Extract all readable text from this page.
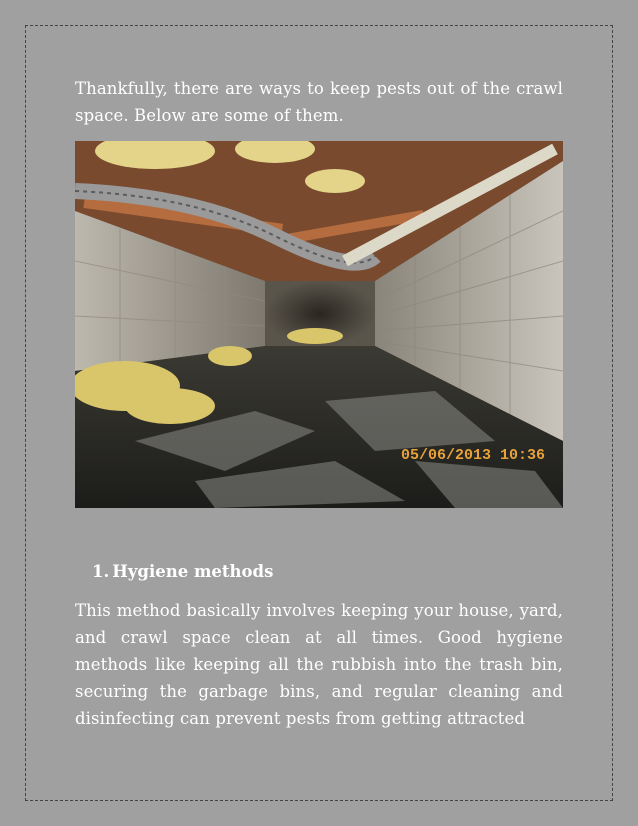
Thankfully, there are ways to keep pests out of the crawl space. Below are some of them.

05/06/2013 10:36
1. Hygiene methods

This method basically involves keeping your house, yard, and crawl space clean at all times. Good hygiene methods like keeping all the rubbish into the trash bin, securing the garbage bins, and regular cleaning and disinfecting can prevent pests from getting attracted
